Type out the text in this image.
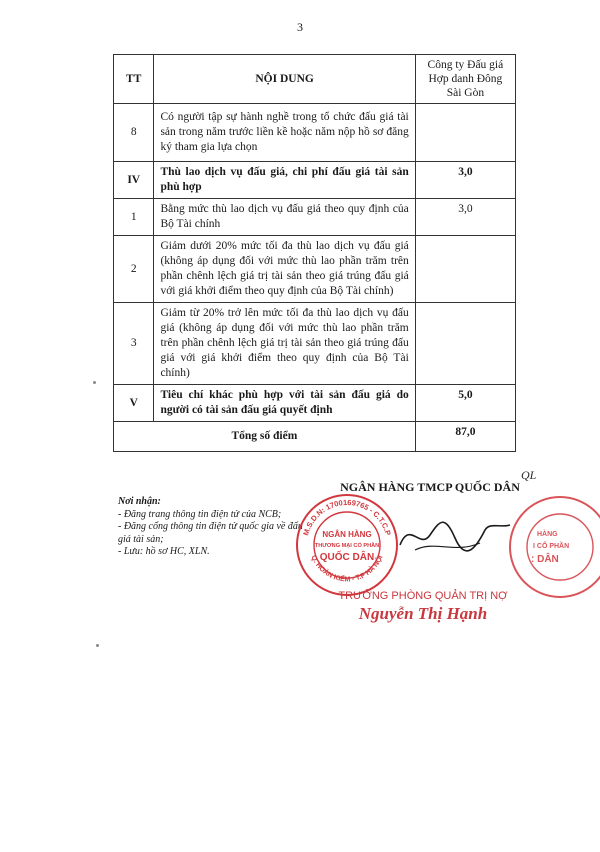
3
TT	NỘI DUNG	Công ty Đấu giá Hợp danh Đông Sài Gòn
8	Có người tập sự hành nghề trong tổ chức đấu giá tài sản trong năm trước liền kề hoặc năm nộp hồ sơ đăng ký tham gia lựa chọn	
IV	Thù lao dịch vụ đấu giá, chi phí đấu giá tài sản phù hợp	3,0
1	Bằng mức thù lao dịch vụ đấu giá theo quy định của Bộ Tài chính	3,0
2	Giảm dưới 20% mức tối đa thù lao dịch vụ đấu giá (không áp dụng đối với mức thù lao phần trăm trên phần chênh lệch giá trị tài sản theo giá trúng đấu giá với giá khởi điểm theo quy định của Bộ Tài chính)	
3	Giảm từ 20% trở lên mức tối đa thù lao dịch vụ đấu giá (không áp dụng đối với mức thù lao phần trăm trên phần chênh lệch giá trị tài sản theo giá trúng đấu giá với giá khởi điểm theo quy định của Bộ Tài chính)	
V	Tiêu chí khác phù hợp với tài sản đấu giá do người có tài sản đấu giá quyết định	5,0
Tổng số điểm		87,0
Nơi nhận:
- Đăng trang thông tin điện tử của NCB;
- Đăng cổng thông tin điện tử quốc gia về đấu giá tài sản;
- Lưu: hồ sơ HC, XLN.
NGÂN HÀNG TMCP QUỐC DÂN
QL
M.S.D.N: 1700169765 - C.T.C.P
Q. HOÀN KIẾM - T.P HÀ NỘI
NGÂN HÀNG
THƯƠNG MẠI CỔ PHẦN
QUỐC DÂN
HÀNG
I CỔ PHẦN
: DÂN
TRƯỞNG PHÒNG QUẢN TRỊ NỢ
Nguyễn Thị Hạnh
